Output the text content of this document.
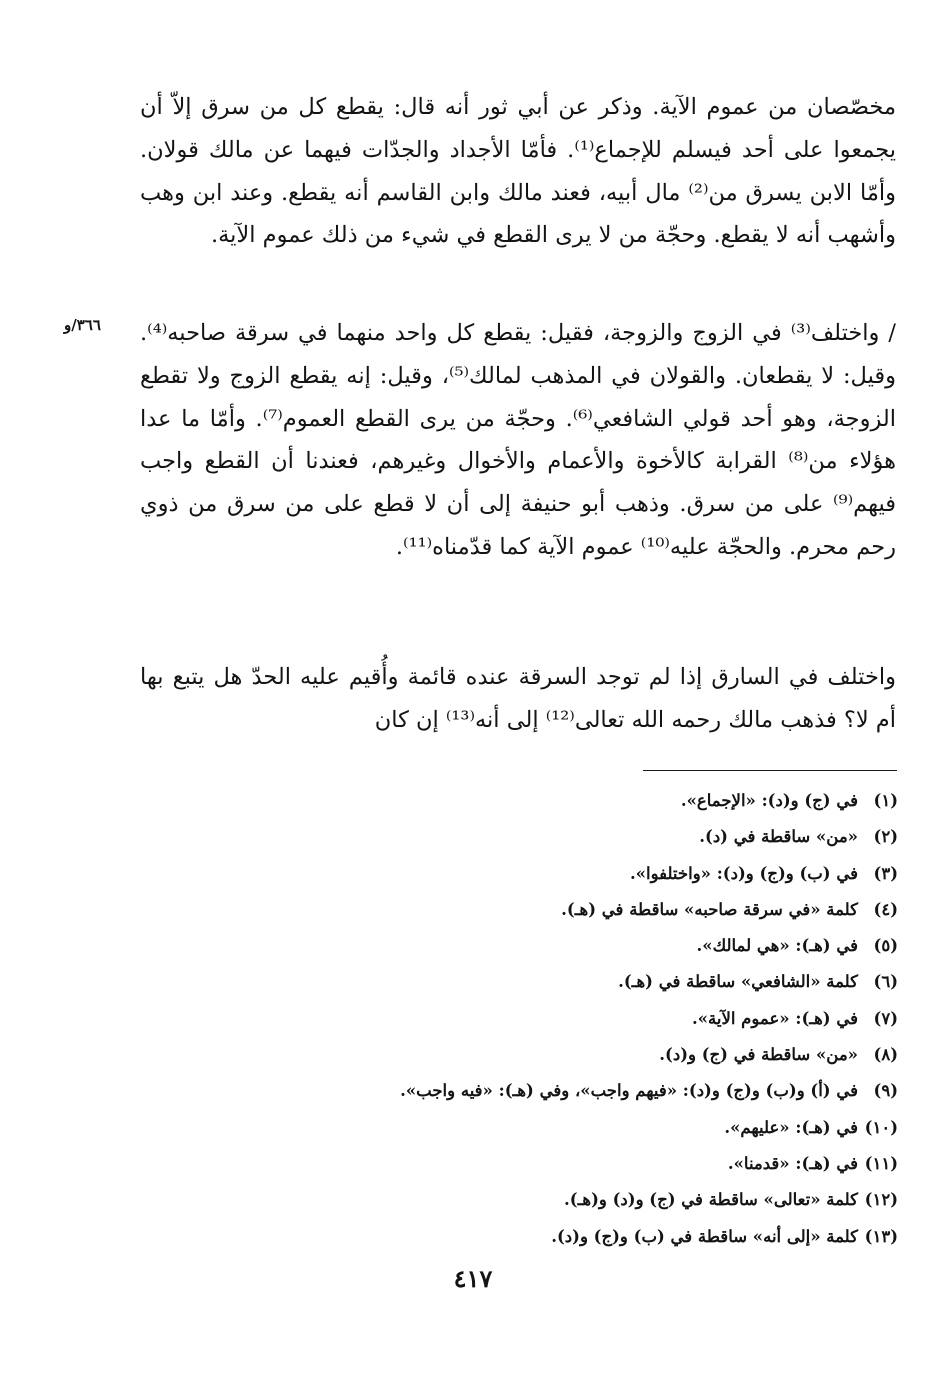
مخصّصان من عموم الآية. وذكر عن أبي ثور أنه قال: يقطع كل من سرق إلاّ أن يجمعوا على أحد فيسلم للإجماع⁽¹⁾. فأمّا الأجداد والجدّات فيهما عن مالك قولان. وأمّا الابن يسرق من⁽²⁾ مال أبيه، فعند مالك وابن القاسم أنه يقطع. وعند ابن وهب وأشهب أنه لا يقطع. وحجّة من لا يرى القطع في شيء من ذلك عموم الآية.

٣٦٦/و / واختلف⁽³⁾ في الزوج والزوجة، فقيل: يقطع كل واحد منهما في سرقة صاحبه⁽⁴⁾. وقيل: لا يقطعان. والقولان في المذهب لمالك⁽⁵⁾، وقيل: إنه يقطع الزوج ولا تقطع الزوجة، وهو أحد قولي الشافعي⁽⁶⁾. وحجّة من يرى القطع العموم⁽⁷⁾. وأمّا ما عدا هؤلاء من⁽⁸⁾ القرابة كالأخوة والأعمام والأخوال وغيرهم، فعندنا أن القطع واجب فيهم⁽⁹⁾ على من سرق. وذهب أبو حنيفة إلى أن لا قطع على من سرق من ذوي رحم محرم. والحجّة عليه⁽¹⁰⁾ عموم الآية كما قدّمناه⁽¹¹⁾.

واختلف في السارق إذا لم توجد السرقة عنده قائمة وأُقيم عليه الحدّ هل يتبع بها أم لا؟ فذهب مالك رحمه الله تعالى⁽¹²⁾ إلى أنه⁽¹³⁾ إن كان

(١)في (ج) و(د): «الإجماع».
(٢)«من» ساقطة في (د).
(٣)في (ب) و(ج) و(د): «واختلفوا».
(٤)كلمة «في سرقة صاحبه» ساقطة في (هـ).
(٥)في (هـ): «هي لمالك».
(٦)كلمة «الشافعي» ساقطة في (هـ).
(٧)في (هـ): «عموم الآية».
(٨)«من» ساقطة في (ج) و(د).
(٩)في (أ) و(ب) و(ج) و(د): «فيهم واجب»، وفي (هـ): «فيه واجب».
(١٠)في (هـ): «عليهم».
(١١)في (هـ): «قدمنا».
(١٢)كلمة «تعالى» ساقطة في (ج) و(د) و(هـ).
(١٣)كلمة «إلى أنه» ساقطة في (ب) و(ج) و(د).
٤١٧
